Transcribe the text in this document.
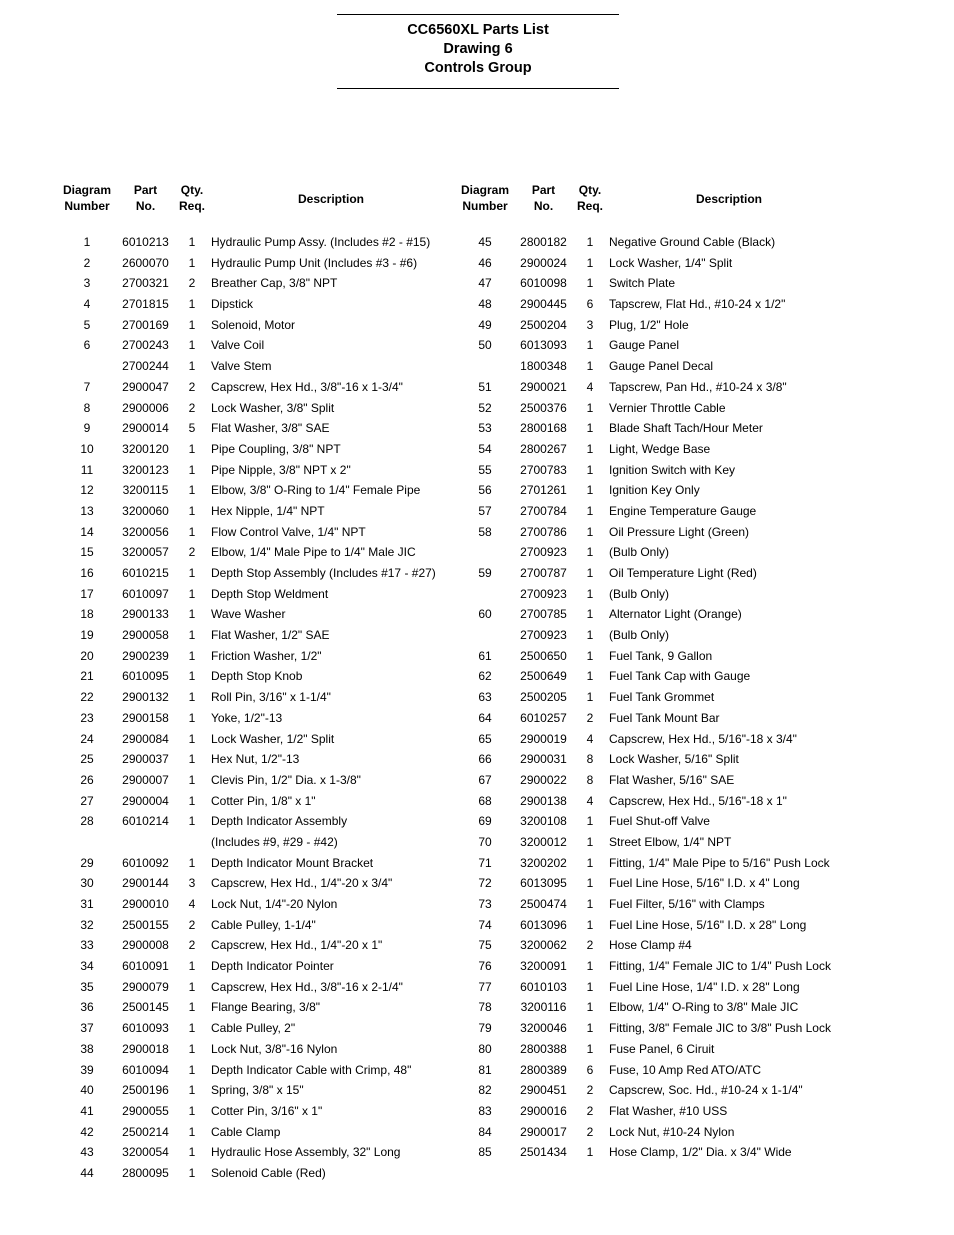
CC6560XL Parts List
Drawing 6
Controls Group
Diagram
Number
Part
No.
Qty.
Req.	Description
1	6010213	1	Hydraulic Pump Assy. (Includes #2 - #15)
2	2600070	1	Hydraulic Pump Unit (Includes #3 - #6)
3	2700321	2	Breather Cap, 3/8" NPT
4	2701815	1	Dipstick
5	2700169	1	Solenoid, Motor
6	2700243	1	Valve Coil
2700244	1	Valve Stem
7	2900047	2	Capscrew, Hex Hd., 3/8"-16 x 1-3/4"
8	2900006	2	Lock Washer, 3/8" Split
9	2900014	5	Flat Washer, 3/8" SAE
10	3200120	1	Pipe Coupling, 3/8" NPT
11	3200123	1	Pipe Nipple, 3/8" NPT x 2"
12	3200115	1	Elbow, 3/8" O-Ring to 1/4" Female Pipe
13	3200060	1	Hex Nipple, 1/4" NPT
14	3200056	1	Flow Control Valve, 1/4" NPT
15	3200057	2	Elbow, 1/4" Male Pipe to 1/4" Male JIC
16	6010215	1	Depth Stop Assembly (Includes #17 - #27)
17	6010097	1	Depth Stop Weldment
18	2900133	1	Wave Washer
19	2900058	1	Flat Washer, 1/2" SAE
20	2900239	1	Friction Washer, 1/2"
21	6010095	1	Depth Stop Knob
22	2900132	1	Roll Pin, 3/16" x 1-1/4"
23	2900158	1	Yoke, 1/2"-13
24	2900084	1	Lock Washer, 1/2" Split
25	2900037	1	Hex Nut, 1/2"-13
26	2900007	1	Clevis Pin, 1/2" Dia. x 1-3/8"
27	2900004	1	Cotter Pin, 1/8" x 1"
28	6010214	1	Depth Indicator Assembly
(Includes #9, #29 - #42)
29	6010092	1	Depth Indicator Mount Bracket
30	2900144	3	Capscrew, Hex Hd., 1/4"-20 x 3/4"
31	2900010	4	Lock Nut, 1/4"-20 Nylon
32	2500155	2	Cable Pulley, 1-1/4"
33	2900008	2	Capscrew, Hex Hd., 1/4"-20 x 1"
34	6010091	1	Depth Indicator Pointer
35	2900079	1	Capscrew, Hex Hd., 3/8"-16 x 2-1/4"
36	2500145	1	Flange Bearing, 3/8"
37	6010093	1	Cable Pulley, 2"
38	2900018	1	Lock Nut, 3/8"-16 Nylon
39	6010094	1	Depth Indicator Cable with Crimp, 48"
40	2500196	1	Spring, 3/8" x 15"
41	2900055	1	Cotter Pin, 3/16" x 1"
42	2500214	1	Cable Clamp
43	3200054	1	Hydraulic Hose Assembly, 32" Long
44	2800095	1	Solenoid Cable (Red)
Diagram
Number
Part
No.
Qty.
Req.	Description
45	2800182	1	Negative Ground Cable (Black)
46	2900024	1	Lock Washer, 1/4" Split
47	6010098	1	Switch Plate
48	2900445	6	Tapscrew, Flat Hd., #10-24 x 1/2"
49	2500204	3	Plug, 1/2" Hole
50	6013093	1	Gauge Panel
1800348	1	Gauge Panel Decal
51	2900021	4	Tapscrew, Pan Hd., #10-24 x 3/8"
52	2500376	1	Vernier Throttle Cable
53	2800168	1	Blade Shaft Tach/Hour Meter
54	2800267	1	Light, Wedge Base
55	2700783	1	Ignition Switch with Key
56	2701261	1	Ignition Key Only
57	2700784	1	Engine Temperature Gauge
58	2700786	1	Oil Pressure Light (Green)
2700923	1	(Bulb Only)
59	2700787	1	Oil Temperature Light (Red)
2700923	1	(Bulb Only)
60	2700785	1	Alternator Light (Orange)
2700923	1	(Bulb Only)
61	2500650	1	Fuel Tank, 9 Gallon
62	2500649	1	Fuel Tank Cap with Gauge
63	2500205	1	Fuel Tank Grommet
64	6010257	2	Fuel Tank Mount Bar
65	2900019	4	Capscrew, Hex Hd., 5/16"-18 x 3/4"
66	2900031	8	Lock Washer, 5/16" Split
67	2900022	8	Flat Washer, 5/16" SAE
68	2900138	4	Capscrew, Hex Hd., 5/16"-18 x 1"
69	3200108	1	Fuel Shut-off Valve
70	3200012	1	Street Elbow, 1/4" NPT
71	3200202	1	Fitting, 1/4" Male Pipe to 5/16" Push Lock
72	6013095	1	Fuel Line Hose, 5/16" I.D. x 4" Long
73	2500474	1	Fuel Filter, 5/16" with Clamps
74	6013096	1	Fuel Line Hose, 5/16" I.D. x 28" Long
75	3200062	2	Hose Clamp #4
76	3200091	1	Fitting, 1/4" Female JIC to 1/4" Push Lock
77	6010103	1	Fuel Line Hose, 1/4" I.D. x 28" Long
78	3200116	1	Elbow, 1/4" O-Ring to 3/8" Male JIC
79	3200046	1	Fitting, 3/8" Female JIC to 3/8" Push Lock
80	2800388	1	Fuse Panel, 6 Ciruit
81	2800389	6	Fuse, 10 Amp Red ATO/ATC
82	2900451	2	Capscrew, Soc. Hd., #10-24 x 1-1/4"
83	2900016	2	Flat Washer, #10 USS
84	2900017	2	Lock Nut, #10-24 Nylon
85	2501434	1	Hose Clamp, 1/2" Dia. x 3/4" Wide
